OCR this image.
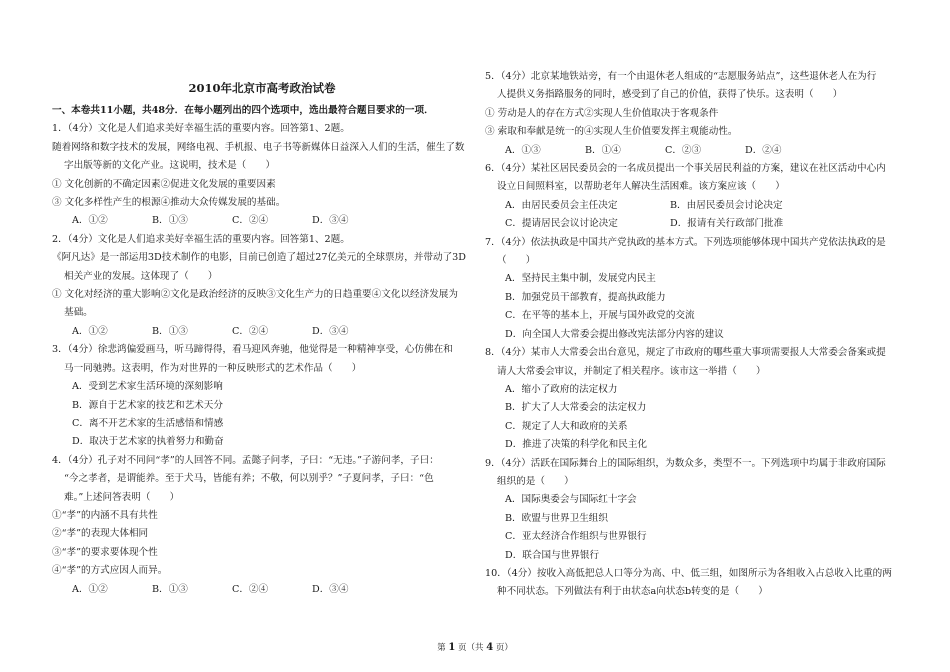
2010年北京市高考政治试卷
一、本卷共11小题，共48分．在每小题列出的四个选项中，选出最符合题目要求的一项．
1．（4分）文化是人们追求美好幸福生活的重要内容。回答第1、2题。
随着网络和数字技术的发展，网络电视、手机报、电子书等新媒体日益深入人们的生活，催生了数
字出版等新的文化产业。这说明，技术是（　　）
① 文化创新的不确定因素②促进文化发展的重要因素
③ 文化多样性产生的根源④推动大众传媒发展的基础。
A．①②	B．①③	C．②④	D．③④
2．（4分）文化是人们追求美好幸福生活的重要内容。回答第1、2题。
《阿凡达》是一部运用3D技术制作的电影，目前已创造了超过27亿美元的全球票房，并带动了3D
相关产业的发展。这体现了（　　）
① 文化对经济的重大影响②文化是政治经济的反映③文化生产力的日趋重要④文化以经济发展为
基础。
A．①②	B．①③	C．②④	D．③④
3．（4分）徐悲鸿偏爱画马，听马蹄得得，看马迎风奔驰，他觉得是一种精神享受，心仿佛在和
马一同驰骋。这表明，作为对世界的一种反映形式的艺术作品（　　）
A．受到艺术家生活环境的深刻影响
B．源自于艺术家的技艺和艺术天分
C．离不开艺术家的生活感悟和情感
D．取决于艺术家的执着努力和勤奋
4．（4分）孔子对不同问“孝”的人回答不同。孟懿子问孝，子曰：“无违。”子游问孝，子曰：
“今之孝者，是谓能养。至于犬马，皆能有养；不敬，何以别乎？”子夏问孝，子曰：“色
难。”上述问答表明（　　）
①“孝”的内涵不具有共性
②“孝”的表现大体相同
③“孝”的要求要体现个性
④“孝”的方式应因人而异。
A．①②	B．①③	C．②④	D．③④
5．（4分）北京某地铁站旁，有一个由退休老人组成的“志愿服务站点”，这些退休老人在为行
人提供义务指路服务的同时，感受到了自己的价值，获得了快乐。这表明（　　）
① 劳动是人的存在方式②实现人生价值取决于客观条件
③ 索取和奉献是统一的④实现人生价值要发挥主观能动性。
A．①③	B．①④	C．②③	D．②④
6．（4分）某社区居民委员会的一名成员提出一个事关居民利益的方案，建议在社区活动中心内
设立日间照料室，以帮助老年人解决生活困难。该方案应该（　　）
A．由居民委员会主任决定	B．由居民委员会讨论决定
C．提请居民会议讨论决定	D．报请有关行政部门批准
7．（4分）依法执政是中国共产党执政的基本方式。下列选项能够体现中国共产党依法执政的是
（　　）
A．坚持民主集中制，发展党内民主
B．加强党员干部教育，提高执政能力
C．在平等的基本上，开展与国外政党的交流
D．向全国人大常委会提出修改宪法部分内容的建议
8．（4分）某市人大常委会出台意见，规定了市政府的哪些重大事项需要报人大常委会备案或提
请人大常委会审议，并制定了相关程序。该市这一举措（　　）
A．缩小了政府的法定权力
B．扩大了人大常委会的法定权力
C．规定了人大和政府的关系
D．推进了决策的科学化和民主化
9．（4分）活跃在国际舞台上的国际组织，为数众多，类型不一。下列选项中均属于非政府国际
组织的是（　　）
A．国际奥委会与国际红十字会
B．欧盟与世界卫生组织
C．亚太经济合作组织与世界银行
D．联合国与世界银行
10．（4分）按收入高低把总人口等分为高、中、低三组，如图所示为各组收入占总收入比重的两
种不同状态。下列做法有利于由状态a向状态b转变的是（　　）
第 1 页（共 4 页）
